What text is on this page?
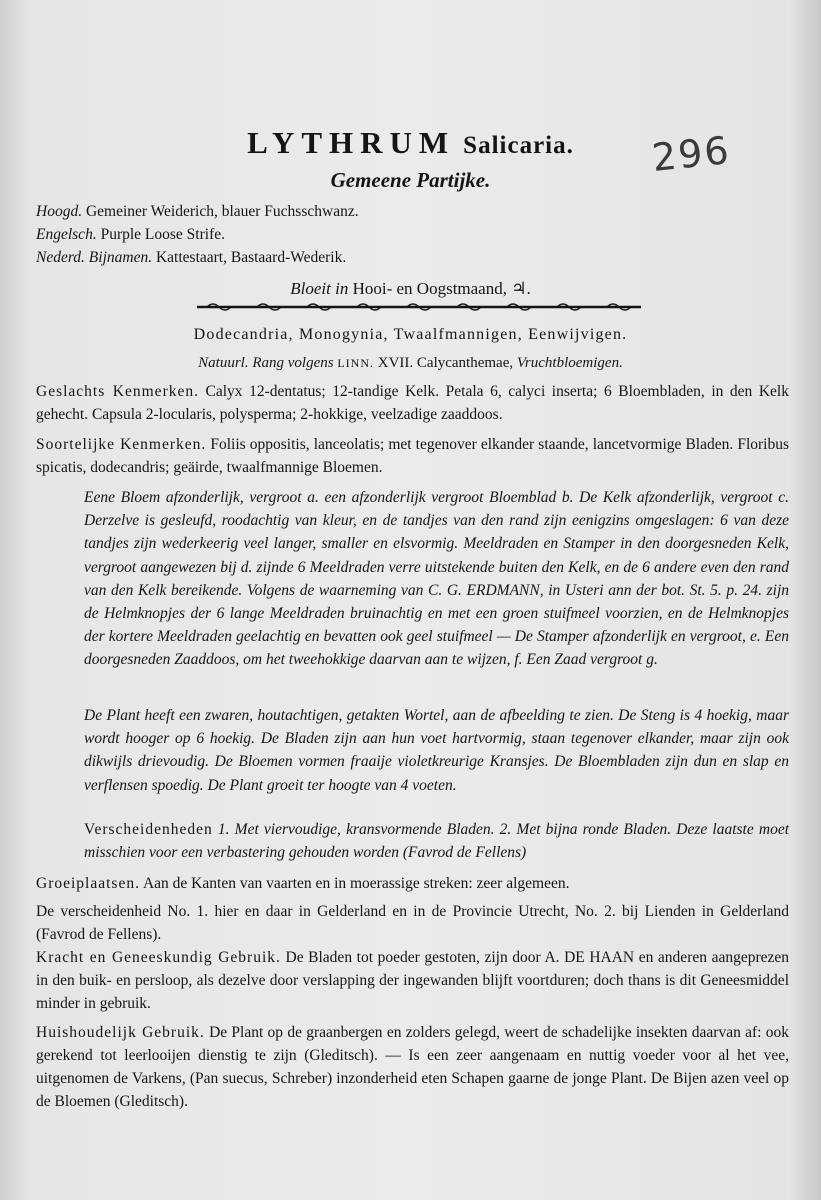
296
LYTHRUM Salicaria.
Gemeene Partijke.
Hoogd. Gemeiner Weiderich, blauer Fuchsschwanz.
Engelsch. Purple Loose Strife.
Nederd. Bijnamen. Kattestaart, Bastaard-Wederik.
Bloeit in Hooi- en Oogstmaand, ♃.
Dodecandria, Monogynia, Twaalfmannigen, Eenwijvigen.
Natuurl. Rang volgens LINN. XVII. Calycanthemae, Vruchtbloemigen.

Geslachts Kenmerken. Calyx 12-dentatus; 12-tandige Kelk. Petala 6, calyci inserta; 6 Bloembladen, in den Kelk gehecht. Capsula 2-locularis, polysperma; 2-hokkige, veelzadige zaaddoos.

Soortelijke Kenmerken. Foliis oppositis, lanceolatis; met tegenover elkander staande, lancetvormige Bladen. Floribus spicatis, dodecandris; geäirde, twaalfmannige Bloemen.

Eene Bloem afzonderlijk, vergroot a. een afzonderlijk vergroot Bloemblad b. De Kelk afzonderlijk, vergroot c. Derzelve is gesleufd, roodachtig van kleur, en de tandjes van den rand zijn eenigzins omgeslagen: 6 van deze tandjes zijn wederkeerig veel langer, smaller en elsvormig. Meeldraden en Stamper in den doorgesneden Kelk, vergroot aangewezen bij d. zijnde 6 Meeldraden verre uitstekende buiten den Kelk, en de 6 andere even den rand van den Kelk bereikende. Volgens de waarneming van C. G. ERDMANN, in Usteri ann der bot. St. 5. p. 24. zijn de Helmknopjes der 6 lange Meeldraden bruinachtig en met een groen stuifmeel voorzien, en de Helmknopjes der kortere Meeldraden geelachtig en bevatten ook geel stuifmeel — De Stamper afzonderlijk en vergroot, e. Een doorgesneden Zaaddoos, om het tweehokkige daarvan aan te wijzen, f. Een Zaad vergroot g.
De Plant heeft een zwaren, houtachtigen, getakten Wortel, aan de afbeelding te zien. De Steng is 4 hoekig, maar wordt hooger op 6 hoekig. De Bladen zijn aan hun voet hartvormig, staan tegenover elkander, maar zijn ook dikwijls drievoudig. De Bloemen vormen fraaije violetkreurige Kransjes. De Bloembladen zijn dun en slap en verflensen spoedig. De Plant groeit ter hoogte van 4 voeten.
Verscheidenheden 1. Met viervoudige, kransvormende Bladen. 2. Met bijna ronde Bladen. Deze laatste moet misschien voor een verbastering gehouden worden (Favrod de Fellens)

Groeiplaatsen. Aan de Kanten van vaarten en in moerassige streken: zeer algemeen.

De verscheidenheid No. 1. hier en daar in Gelderland en in de Provincie Utrecht, No. 2. bij Lienden in Gelderland (Favrod de Fellens).

Kracht en Geneeskundig Gebruik. De Bladen tot poeder gestoten, zijn door A. DE HAAN en anderen aangeprezen in den buik- en persloop, als dezelve door verslapping der ingewanden blijft voortduren; doch thans is dit Geneesmiddel minder in gebruik.

Huishoudelijk Gebruik. De Plant op de graanbergen en zolders gelegd, weert de schadelijke insekten daarvan af: ook gerekend tot leerlooijen dienstig te zijn (Gleditsch). — Is een zeer aangenaam en nuttig voeder voor al het vee, uitgenomen de Varkens, (Pan suecus, Schreber) inzonderheid eten Schapen gaarne de jonge Plant. De Bijen azen veel op de Bloemen (Gleditsch).
